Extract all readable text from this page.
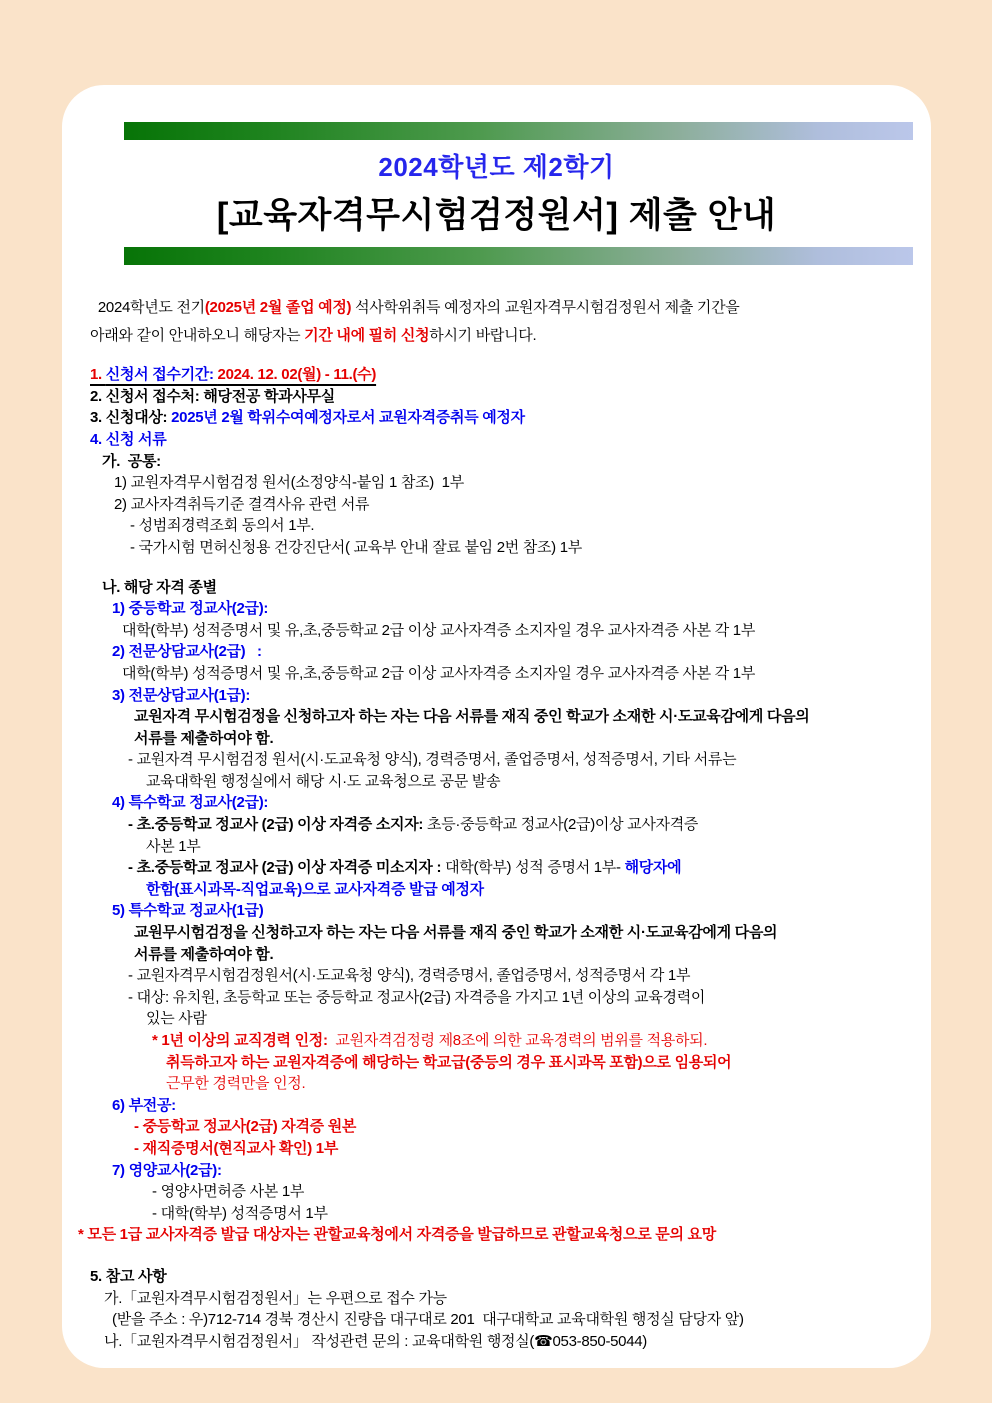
2024학년도 제2학기
[교육자격무시험검정원서] 제출 안내
2024학년도 전기(2025년 2월 졸업 예정) 석사학위취득 예정자의 교원자격무시험검정원서 제출 기간을
아래와 같이 안내하오니 해당자는 기간 내에 필히 신청하시기 바랍니다.
1. 신청서 접수기간: 2024. 12. 02(월) - 11.(수)
2. 신청서 접수처: 해당전공 학과사무실
3. 신청대상: 2025년 2월 학위수여예정자로서 교원자격증취득 예정자
4. 신청 서류
가.  공통:
1) 교원자격무시험검정 원서(소정양식-붙임 1 참조)  1부
2) 교사자격취득기준 결격사유 관련 서류
- 성범죄경력조회 동의서 1부.
- 국가시험 면허신청용 건강진단서( 교육부 안내 잘료 붙임 2번 참조) 1부
나. 해당 자격 종별
1) 중등학교 정교사(2급):
대학(학부) 성적증명서 및 유,초,중등학교 2급 이상 교사자격증 소지자일 경우 교사자격증 사본 각 1부
2) 전문상담교사(2급)   :
대학(학부) 성적증명서 및 유,초,중등학교 2급 이상 교사자격증 소지자일 경우 교사자격증 사본 각 1부
3) 전문상담교사(1급):
교원자격 무시험검정을 신청하고자 하는 자는 다음 서류를 재직 중인 학교가 소재한 시·도교육감에게 다음의
서류를 제출하여야 함.
- 교원자격 무시험검정 원서(시·도교육청 양식), 경력증명서, 졸업증명서, 성적증명서, 기타 서류는
교육대학원 행정실에서 해당 시·도 교육청으로 공문 발송
4) 특수학교 정교사(2급):
- 초.중등학교 정교사 (2급) 이상 자격증 소지자: 초등·중등학교 정교사(2급)이상 교사자격증
사본 1부
- 초.중등학교 정교사 (2급) 이상 자격증 미소지자 : 대학(학부) 성적 증명서 1부- 해당자에
한함(표시과목-직업교육)으로 교사자격증 발급 예정자
5) 특수학교 정교사(1급)
교원무시험검정을 신청하고자 하는 자는 다음 서류를 재직 중인 학교가 소재한 시·도교육감에게 다음의
서류를 제출하여야 함.
- 교원자격무시험검정원서(시·도교육청 양식), 경력증명서, 졸업증명서, 성적증명서 각 1부
- 대상: 유치원, 초등학교 또는 중등학교 정교사(2급) 자격증을 가지고 1년 이상의 교육경력이
있는 사람
* 1년 이상의 교직경력 인정:  교원자격검정령 제8조에 의한 교육경력의 범위를 적용하되.
취득하고자 하는 교원자격증에 해당하는 학교급(중등의 경우 표시과목 포함)으로 임용되어
근무한 경력만을 인정.
6) 부전공:
- 중등학교 정교사(2급) 자격증 원본
- 재직증명서(현직교사 확인) 1부
7) 영양교사(2급):
- 영양사면허증 사본 1부
- 대학(학부) 성적증명서 1부
* 모든 1급 교사자격증 발급 대상자는 관할교육청에서 자격증을 발급하므로 관할교육청으로 문의 요망
5. 참고 사항
가.「교원자격무시험검정원서」는 우편으로 접수 가능
(받을 주소 : 우)712-714 경북 경산시 진량읍 대구대로 201  대구대학교 교육대학원 행정실 담당자 앞)
나.「교원자격무시험검정원서」 작성관련 문의 : 교육대학원 행정실(☎053-850-5044)
